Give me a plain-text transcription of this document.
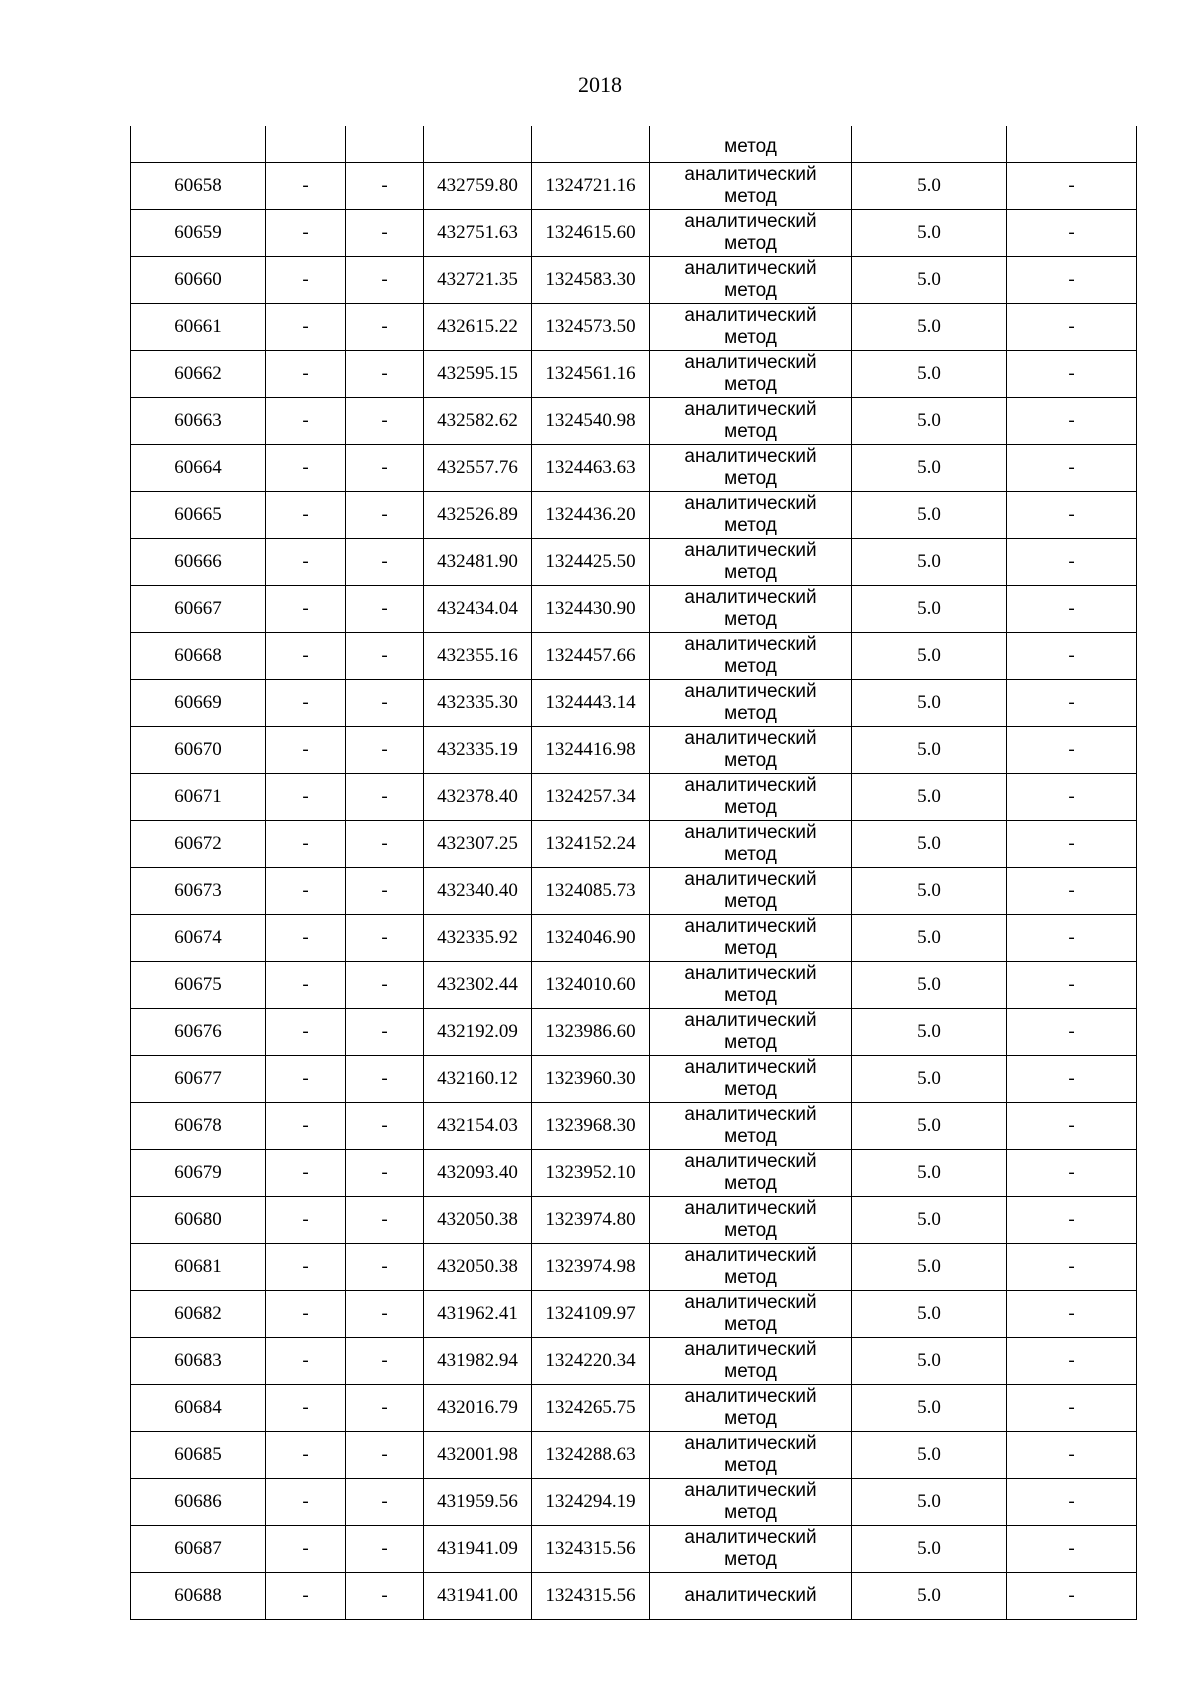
2018

					метод		

60658	-	-	432759.80	1324721.16	аналитический
метод	5.0	-
60659	-	-	432751.63	1324615.60	аналитический
метод	5.0	-
60660	-	-	432721.35	1324583.30	аналитический
метод	5.0	-
60661	-	-	432615.22	1324573.50	аналитический
метод	5.0	-
60662	-	-	432595.15	1324561.16	аналитический
метод	5.0	-
60663	-	-	432582.62	1324540.98	аналитический
метод	5.0	-
60664	-	-	432557.76	1324463.63	аналитический
метод	5.0	-
60665	-	-	432526.89	1324436.20	аналитический
метод	5.0	-
60666	-	-	432481.90	1324425.50	аналитический
метод	5.0	-
60667	-	-	432434.04	1324430.90	аналитический
метод	5.0	-
60668	-	-	432355.16	1324457.66	аналитический
метод	5.0	-
60669	-	-	432335.30	1324443.14	аналитический
метод	5.0	-
60670	-	-	432335.19	1324416.98	аналитический
метод	5.0	-
60671	-	-	432378.40	1324257.34	аналитический
метод	5.0	-
60672	-	-	432307.25	1324152.24	аналитический
метод	5.0	-
60673	-	-	432340.40	1324085.73	аналитический
метод	5.0	-
60674	-	-	432335.92	1324046.90	аналитический
метод	5.0	-
60675	-	-	432302.44	1324010.60	аналитический
метод	5.0	-
60676	-	-	432192.09	1323986.60	аналитический
метод	5.0	-
60677	-	-	432160.12	1323960.30	аналитический
метод	5.0	-
60678	-	-	432154.03	1323968.30	аналитический
метод	5.0	-
60679	-	-	432093.40	1323952.10	аналитический
метод	5.0	-
60680	-	-	432050.38	1323974.80	аналитический
метод	5.0	-
60681	-	-	432050.38	1323974.98	аналитический
метод	5.0	-
60682	-	-	431962.41	1324109.97	аналитический
метод	5.0	-
60683	-	-	431982.94	1324220.34	аналитический
метод	5.0	-
60684	-	-	432016.79	1324265.75	аналитический
метод	5.0	-
60685	-	-	432001.98	1324288.63	аналитический
метод	5.0	-
60686	-	-	431959.56	1324294.19	аналитический
метод	5.0	-
60687	-	-	431941.09	1324315.56	аналитический
метод	5.0	-
60688	-	-	431941.00	1324315.56	аналитический	5.0	-
